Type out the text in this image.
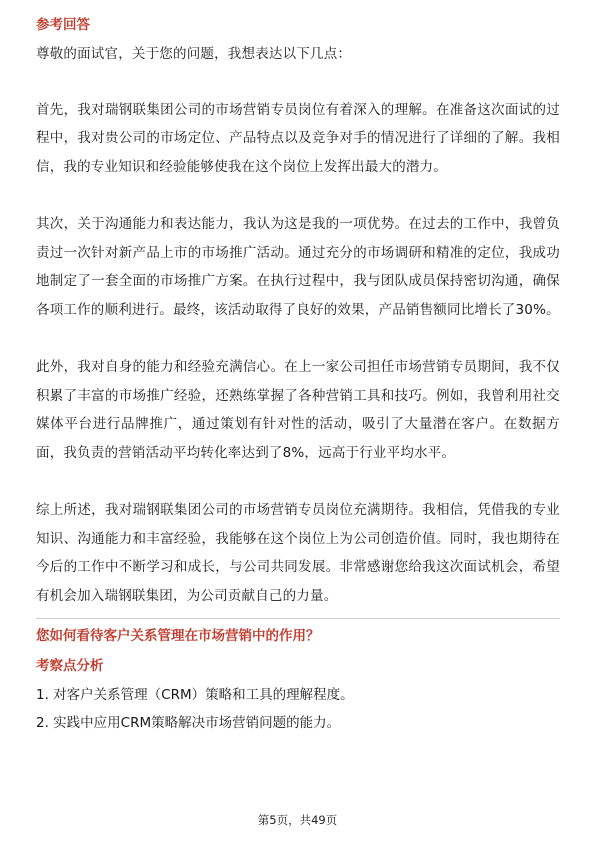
参考回答

尊敬的面试官，关于您的问题，我想表达以下几点：

首先，我对瑞钢联集团公司的市场营销专员岗位有着深入的理解。在准备这次面试的过程中，我对贵公司的市场定位、产品特点以及竞争对手的情况进行了详细的了解。我相信，我的专业知识和经验能够使我在这个岗位上发挥出最大的潜力。

其次，关于沟通能力和表达能力，我认为这是我的一项优势。在过去的工作中，我曾负责过一次针对新产品上市的市场推广活动。通过充分的市场调研和精准的定位，我成功地制定了一套全面的市场推广方案。在执行过程中，我与团队成员保持密切沟通，确保各项工作的顺利进行。最终，该活动取得了良好的效果，产品销售额同比增长了30%。

此外，我对自身的能力和经验充满信心。在上一家公司担任市场营销专员期间，我不仅积累了丰富的市场推广经验，还熟练掌握了各种营销工具和技巧。例如，我曾利用社交媒体平台进行品牌推广，通过策划有针对性的活动，吸引了大量潜在客户。在数据方面，我负责的营销活动平均转化率达到了8%，远高于行业平均水平。

综上所述，我对瑞钢联集团公司的市场营销专员岗位充满期待。我相信，凭借我的专业知识、沟通能力和丰富经验，我能够在这个岗位上为公司创造价值。同时，我也期待在今后的工作中不断学习和成长，与公司共同发展。非常感谢您给我这次面试机会，希望有机会加入瑞钢联集团，为公司贡献自己的力量。

您如何看待客户关系管理在市场营销中的作用？

考察点分析

1. 对客户关系管理（CRM）策略和工具的理解程度。

2. 实践中应用CRM策略解决市场营销问题的能力。

第5页，共49页
